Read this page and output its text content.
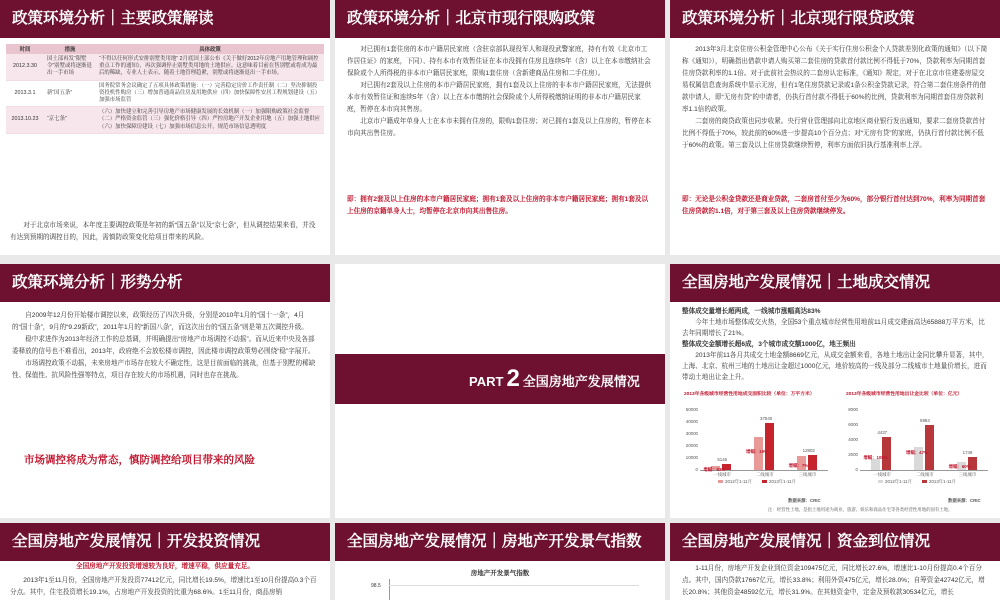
政策环境分析｜主要政策解读
时间	措施	具体政策
2012.3.30	国土部再发“限墅令”别墅或将逐渐退出一手市场	“不得以任何形式安排别墅类用地” 2月底国土部公布《关于做好2012年房地产用地管理和调控重点工作的通知》，再次强调停止别墅类用地的土地供应。这意味着目前在售别墅或将成为最后的稀缺，专业人士表示，随着土地管理趋紧，别墅或将逐渐退出一手市场。
2013.3.1	新“国五条”	国务院常务会议确定了五项具体政策措施：（一）完善稳定房价工作责任制（二）坚决抑制投资投机性购房（三）增加普通商品住房及用地供应（四）加快保障性安居工程规划建设（五）加强市场监管
2013.10.23	“京七条”	（六）加快建立和完善引导房地产市场健康发展的长效机制（一）加强限购政策社会监督（二）严格资金监管（三）强化价格引导（四）严控房地产开发企业用地（五）加强土地供应（六）加快保障房建设（七）加强市场信息公开，规范市场信息透明度

对于北京市场来说，本年度主要调控政策是年初的新“国五条”以及“京七条”，但从调控结果来看，并没有达到预期的调控目的，因此，需慎防政策变化给项目带来的风险。

政策环境分析｜北京市现行限购政策

对已拥有1套住房的本市户籍居民家庭（含驻京部队现役军人和现役武警家庭，持有有效《北京市工作居住证》的家庭，下同）、持有本市有效暂住证在本市没拥有住房且连续5年（含）以上在本市缴纳社会保险或个人所得税的非本市户籍居民家庭，限购1套住房（含新建商品住房和二手住房）。

对已拥有2套及以上住房的本市户籍居民家庭，拥有1套及以上住房的非本市户籍居民家庭，无法提供本市有效暂住证和连续5年（含）以上在本市缴纳社会保险或个人所得税缴纳证明的非本市户籍居民家庭，暂停在本市向其售房。

北京市户籍成年单身人士在本市未拥有住房的，限购1套住房；对已拥有1套及以上住房的，暂停在本市向其出售住房。

即：拥有2套及以上住房的本市户籍居民家庭；拥有1套及以上住房的非本市户籍居民家庭；拥有1套及以上住房的京籍单身人士，均暂停在北京市向其出售住房。
政策环境分析｜北京现行限贷政策

2013年3月北京住房公积金管理中心公布《关于实行住房公积金个人贷款差别化政策的通知》（以下简称《通知》），明确指出借款申请人购买第二套住房的贷款首付款比例不得低于70%，贷款利率为同期首套住房贷款利率的1.1倍。对于此前社会热议的二套房认定标准，《通知》规定，对于在北京市住建委房屋交易权属信息查询系统中显示无房，但有1笔住房贷款记录或1条公积金贷款记录，符合第二套住房条件的借款申请人，即“无房有贷”的申请者，仍执行首付款不得低于60%的比例，贷款利率为同期首套住房贷款利率1.1倍的政策。

二套房的商贷政策也同步收紧。央行营业管理部向北京地区商业银行发出通知，要求二套房贷款首付比例不得低于70%，较此前的60%进一步提高10个百分点；对“无房有贷”的家庭，仍执行首付款比例不低于60%的政策。第三套及以上住房贷款继续暂停，利率方面依旧执行基准利率上浮。

即：无论是公积金贷款还是商业贷款，二套房首付至少为60%，部分银行首付达到70%，利率为同期首套住房贷款的1.1倍，对于第三套及以上住房贷款继续停发。
政策环境分析｜形势分析

自2009年12月份开始楼市调控以来，政策经历了四次升级，分别是2010年1月的“国十一条”，4月的“国十条”，9月的“9.29新政”，2011年1月的“新国八条”，而这次出台的“国五条”则是第五次调控升级。

稳中求进作为2013年经济工作的总基调，并明确提出“房地产市场调控不动摇”。而从近来中央及各部委释放的信号也不难看出，2013年，政府绝不会放松楼市调控，因此楼市调控政策势必围绕“稳”字展开。

市场调控政策不动摇，未来房地产市场存在较大不确定性，这是目前面临的挑战，但基于别墅的稀缺性、保值性、抗风险性强等特点，项目存在较大的市场机遇，同时也存在挑战。

市场调控将成为常态，慎防调控给项目带来的风险
PART 2 全国房地产发展情况
全国房地产发展情况｜土地成交情况
整体成交量增长超两成，一线城市涨幅高达83%

今年土地市场整体成交火热，全国53个重点城市经营性用地前11月成交建面高达65888万平方米，比去年同期增长了21%。

整体成交金额增长超6成，3个城市成交额1000亿，地王频出

2013年前11各月共成交土地金额8669亿元，从成交金额来看，各地土地出让金同比攀升显著，其中，上海、北京、杭州三地的土地出让金超过1000亿元，地价较高的一线及部分二线城市土地量价增长，进而带动土地出让金上升。

2013年各级城市经营性用地成交面积比较（单位：万平方米）
0
10000
20000
30000
40000
50000
5146
增幅：83%
一线城市
37540
增幅：19%
二线城市
12802
增幅：7%
三线城市
2012年1-11月	2013年1-11月
2013年各级城市经营性用地出让金比较（单位：亿元）
0
2000
4000
6000
8000
4437
增幅：105%
一线城市
5984
增幅：47%
二线城市
1748
增幅：60%
三线城市
2012年1-11月	2013年1-11月
数据来源：CRIC	数据来源：CRIC
注：经营性土地，是指土地用途为商业、旅游、娱乐和商品住宅等各类经营性用地的国有土地。
全国房地产发展情况｜开发投资情况
全国房地产开发投资增速较为良好，增速平稳，供应量充足。

2013年1至11月份，全国房地产开发投资77412亿元，同比增长19.5%，增速比1至10月份提高0.3个百分点。其中，住宅投资增长19.1%，占房地产开发投资的比重为68.6%。1至11月份，商品房销

全国房地产发展情况｜房地产开发景气指数
房地产开发景气指数
98.5
全国房地产发展情况｜资金到位情况

1-11月份，房地产开发企业到位资金109475亿元，同比增长27.6%，增速比1-10月份提高0.4个百分点。其中，国内贷款17667亿元，增长33.8%；利用外资475亿元，增长28.0%；自筹资金42742亿元，增长20.8%；其他资金48592亿元，增长31.9%。在其他资金中，定金及预收款30534亿元，增长
